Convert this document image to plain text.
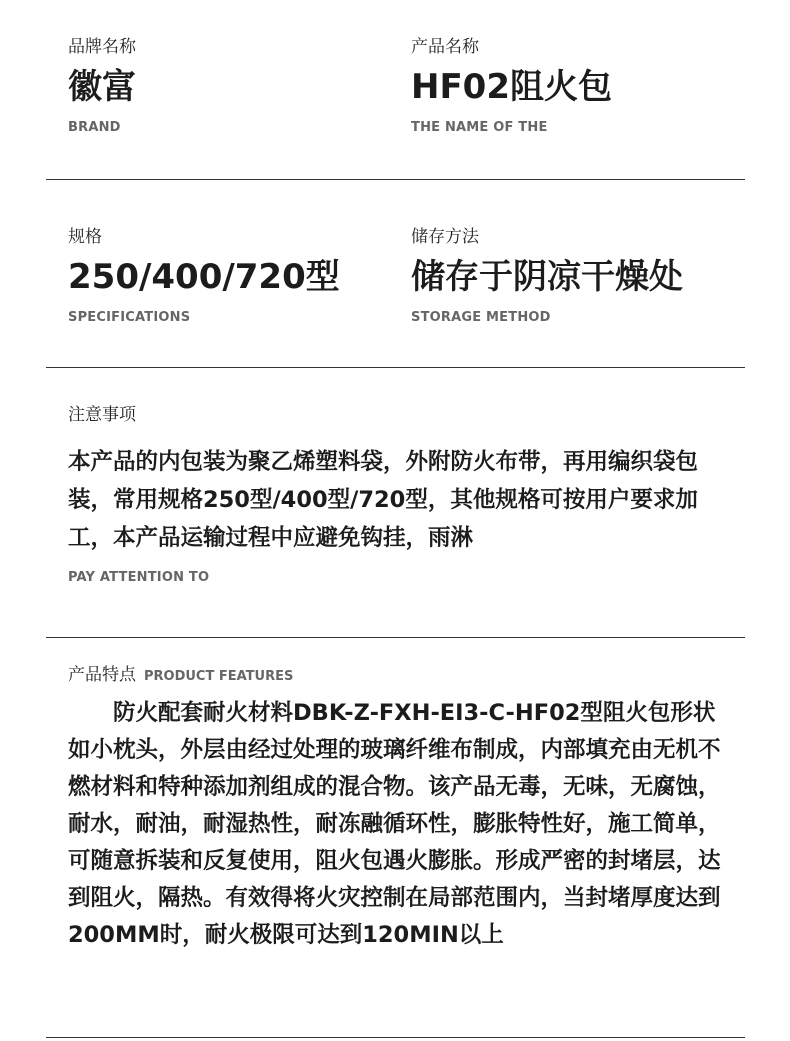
品牌名称
徽富
BRAND
产品名称
HF02阻火包
THE NAME OF THE
规格
250/400/720型
SPECIFICATIONS
储存方法
储存于阴凉干燥处
STORAGE METHOD
注意事项
本产品的内包装为聚乙烯塑料袋，外附防火布带，再用编织袋包装，常用规格250型/400型/720型，其他规格可按用户要求加工，本产品运输过程中应避免钩挂，雨淋
PAY ATTENTION TO
产品特点 PRODUCT FEATURES

防火配套耐火材料DBK-Z-FXH-EI3-C-HF02型阻火包形状如小枕头，外层由经过处理的玻璃纤维布制成，内部填充由无机不燃材料和特种添加剂组成的混合物。该产品无毒，无味，无腐蚀，耐水，耐油，耐湿热性，耐冻融循环性，膨胀特性好，施工简单，可随意拆装和反复使用，阻火包遇火膨胀。形成严密的封堵层，达到阻火，隔热。有效得将火灾控制在局部范围内，当封堵厚度达到200MM时，耐火极限可达到120MIN以上
